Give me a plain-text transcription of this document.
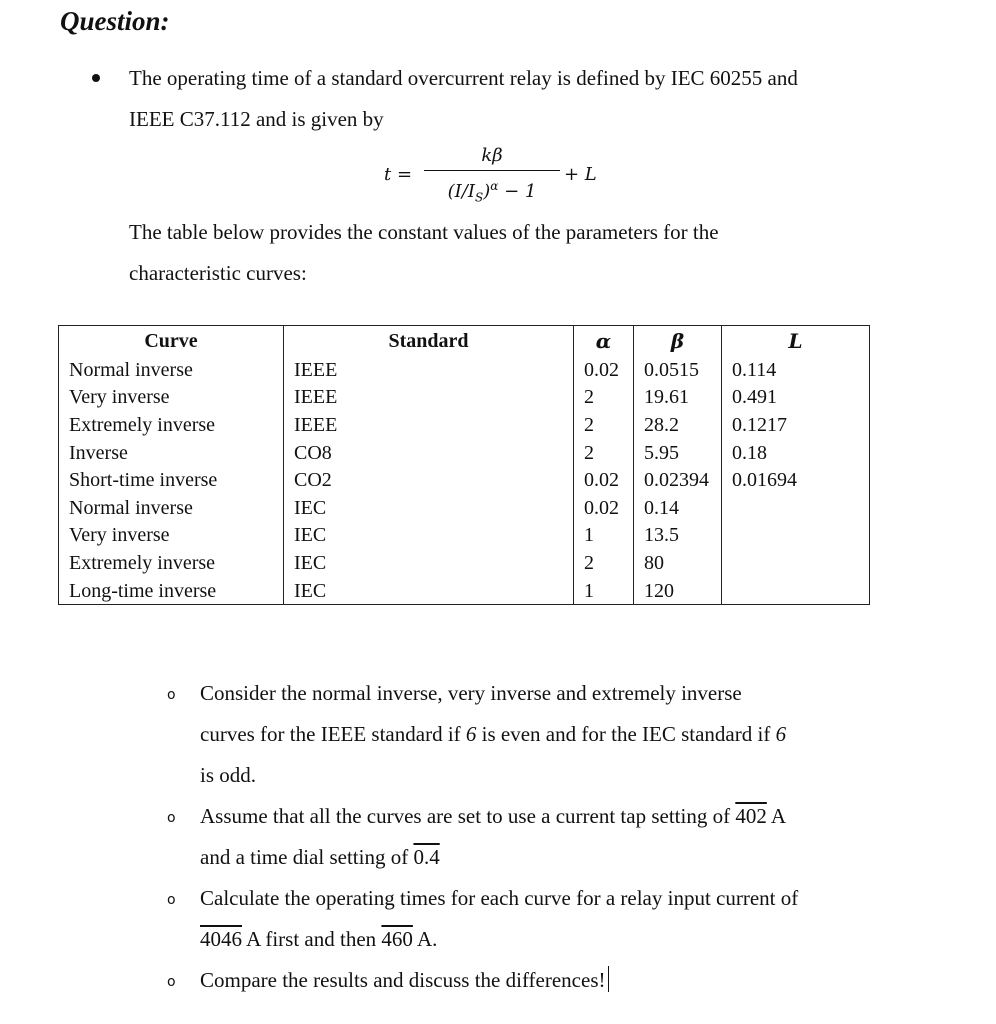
Question:
The operating time of a standard overcurrent relay is defined by IEC 60255 and
IEEE C37.112 and is given by
t =
kβ
$(I/I_S)^\alpha - 1$
+ L
The table below provides the constant values of the parameters for the
characteristic curves:
Curve	Standard	α	β	L
Normal inverse	IEEE	0.02	0.0515	0.114
Very inverse	IEEE	2	19.61	0.491
Extremely inverse	IEEE	2	28.2	0.1217
Inverse	CO8	2	5.95	0.18
Short-time inverse	CO2	0.02	0.02394	0.01694
Normal inverse	IEC	0.02	0.14	
Very inverse	IEC	1	13.5	
Extremely inverse	IEC	2	80	
Long-time inverse	IEC	1	120	
o Consider the normal inverse, very inverse and extremely inverse
curves for the IEEE standard if 6 is even and for the IEC standard if 6
is odd.
o Assume that all the curves are set to use a current tap setting of 402 A
and a time dial setting of 0.4
o Calculate the operating times for each curve for a relay input current of
4046 A first and then 460 A.
o Compare the results and discuss the differences!
